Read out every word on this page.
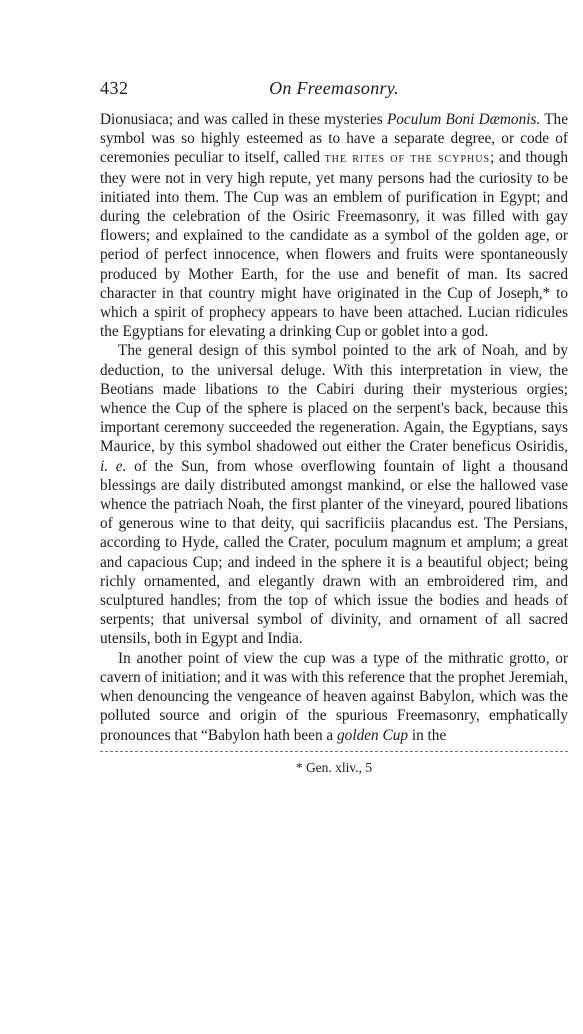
432	On Freemasonry.

Dionusiaca; and was called in these mysteries Poculum Boni Dæmonis. The symbol was so highly esteemed as to have a separate degree, or code of ceremonies peculiar to itself, called the rites of the scyphus; and though they were not in very high repute, yet many persons had the curiosity to be initiated into them. The Cup was an emblem of purification in Egypt; and during the celebration of the Osiric Freemasonry, it was filled with gay flowers; and explained to the candidate as a symbol of the golden age, or period of perfect innocence, when flowers and fruits were spontaneously produced by Mother Earth, for the use and benefit of man. Its sacred character in that country might have originated in the Cup of Joseph,* to which a spirit of prophecy appears to have been attached. Lucian ridicules the Egyptians for elevating a drinking Cup or goblet into a god.

The general design of this symbol pointed to the ark of Noah, and by deduction, to the universal deluge. With this interpretation in view, the Beotians made libations to the Cabiri during their mysterious orgies; whence the Cup of the sphere is placed on the serpent's back, because this important ceremony succeeded the regeneration. Again, the Egyptians, says Maurice, by this symbol shadowed out either the Crater beneficus Osiridis, i. e. of the Sun, from whose overflowing fountain of light a thousand blessings are daily distributed amongst mankind, or else the hallowed vase whence the patriach Noah, the first planter of the vineyard, poured libations of generous wine to that deity, qui sacrificiis placandus est. The Persians, according to Hyde, called the Crater, poculum magnum et amplum; a great and capacious Cup; and indeed in the sphere it is a beautiful object; being richly ornamented, and elegantly drawn with an embroidered rim, and sculptured handles; from the top of which issue the bodies and heads of serpents; that universal symbol of divinity, and ornament of all sacred utensils, both in Egypt and India.

In another point of view the cup was a type of the mithratic grotto, or cavern of initiation; and it was with this reference that the prophet Jeremiah, when denouncing the vengeance of heaven against Babylon, which was the polluted source and origin of the spurious Freemasonry, emphatically pronounces that “Babylon hath been a golden Cup in the

* Gen. xliv., 5
